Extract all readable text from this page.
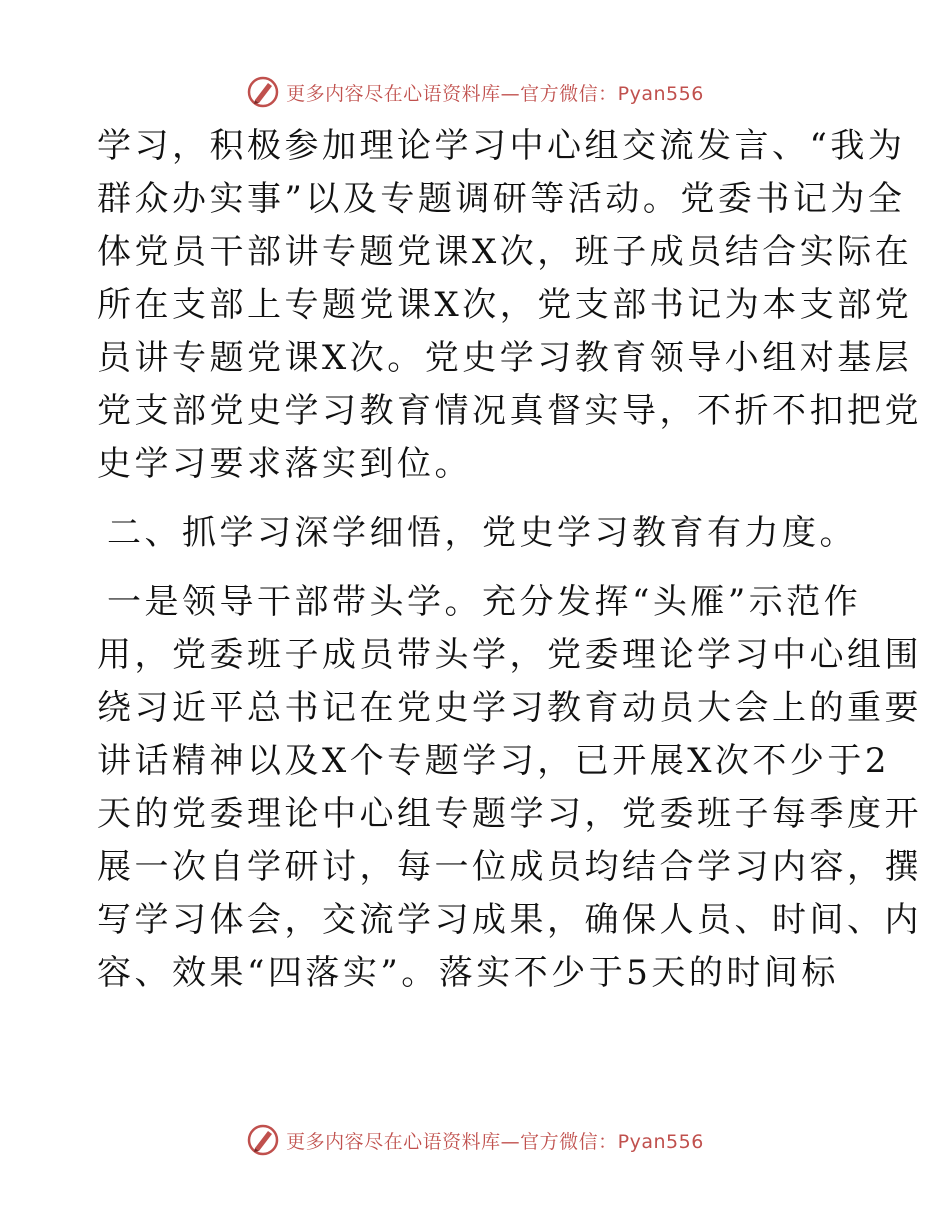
更多内容尽在心语资料库—官方微信：Pyan556
学习，积极参加理论学习中心组交流发言、“我为
群众办实事”以及专题调研等活动。党委书记为全
体党员干部讲专题党课X次，班子成员结合实际在
所在支部上专题党课X次，党支部书记为本支部党
员讲专题党课X次。党史学习教育领导小组对基层
党支部党史学习教育情况真督实导，不折不扣把党
史学习要求落实到位。
二、抓学习深学细悟，党史学习教育有力度。
一是领导干部带头学。充分发挥“头雁”示范作
用，党委班子成员带头学，党委理论学习中心组围
绕习近平总书记在党史学习教育动员大会上的重要
讲话精神以及X个专题学习，已开展X次不少于2
天的党委理论中心组专题学习，党委班子每季度开
展一次自学研讨，每一位成员均结合学习内容，撰
写学习体会，交流学习成果，确保人员、时间、内
容、效果“四落实”。落实不少于5天的时间标
更多内容尽在心语资料库—官方微信：Pyan556
